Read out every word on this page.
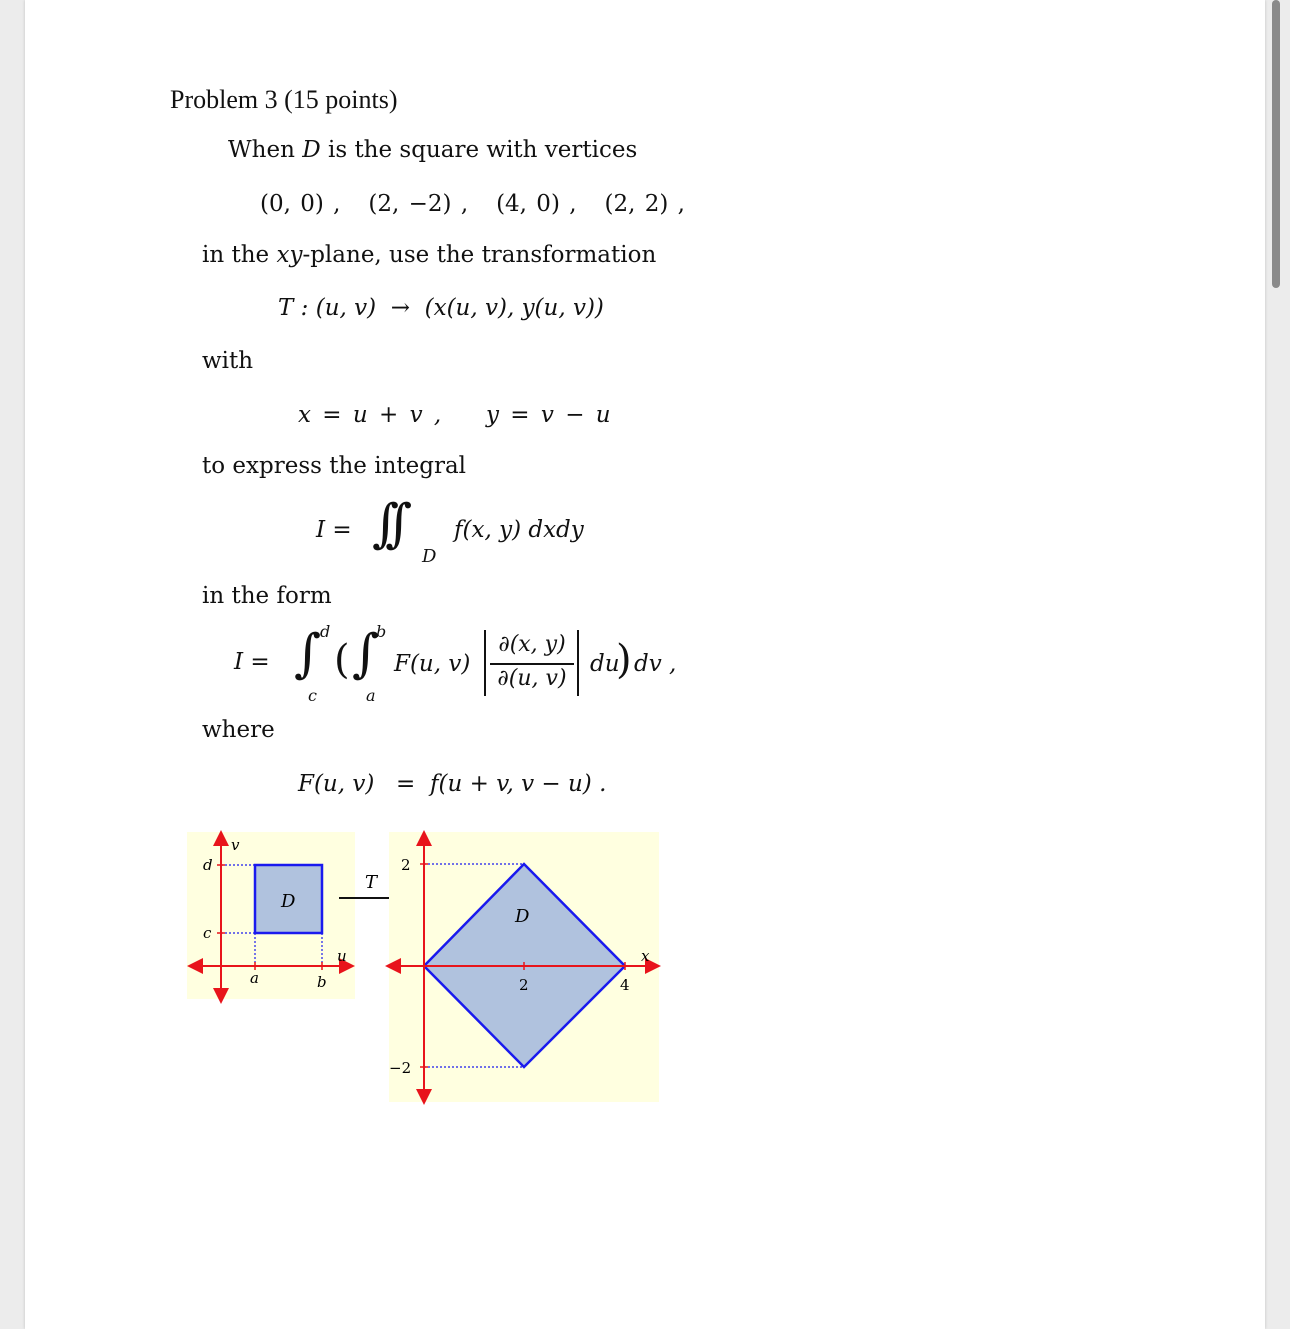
Problem 3 (15 points)
When D is the square with vertices
(0, 0) , (2, −2) , (4, 0) , (2, 2) ,
in the xy-plane, use the transformation
T : (u, v) → (x(u, v), y(u, v))
with
x = u + v , y = v − u
to express the integral
I = ∫∫
D
f(x, y) dxdy
in the form
I = ∫
d
c
( ∫
b
a
F(u, v)
∂(x, y)
∂(u, v)
du
) dv ,
where
F(u, v) = f(u + v, v − u) .
D
v
u
d
c
a	b
T
D
2
−2
2	4
x
